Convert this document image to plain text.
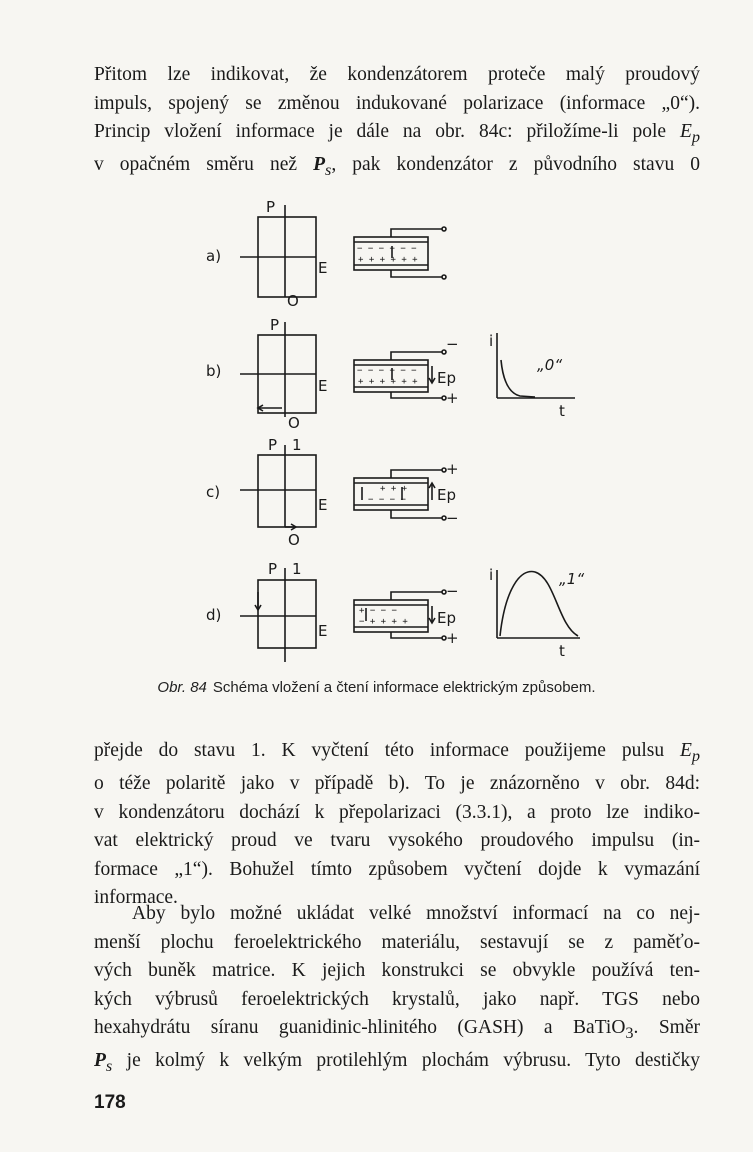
Přitom lze indikovat, že kondenzátorem proteče malý proudový
impuls, spojený se změnou indukované polarizace (informace „0“).
Princip vložení informace je dále na obr. 84c: přiložíme-li pole $E_p$
v opačném směru než $P_s$, pak kondenzátor z původního stavu 0
a)
P
E
O
− − − − − −
+ + + + + +
b)
P
E
O
Ep
− − − − − −
+ + + + + +
−
+
i
t
„0“
c)
P 1
E
O
Ep
+ + +
− − − −
+
−
d)
P 1
E
Ep
+ − − −
− + + + +
−
+
i
t
„1“
Obr. 84 Schéma vložení a čtení informace elektrickým způsobem.
přejde do stavu 1. K vyčtení této informace použijeme pulsu $E_p$
o téže polaritě jako v případě b). To je znázorněno v obr. 84d:
v kondenzátoru dochází k přepolarizaci (3.3.1), a proto lze indiko-
vat elektrický proud ve tvaru vysokého proudového impulsu (in-
formace „1“). Bohužel tímto způsobem vyčtení dojde k vymazání
informace.
Aby bylo možné ukládat velké množství informací na co nej-
menší plochu feroelektrického materiálu, sestavují se z paměťo-
vých buněk matrice. K jejich konstrukci se obvykle používá ten-
kých výbrusů feroelektrických krystalů, jako např. TGS nebo
hexahydrátu síranu guanidinic-hlinitého (GASH) a BaTiO$_3$. Směr
$P_s$ je kolmý k velkým protilehlým plochám výbrusu. Tyto destičky
178
